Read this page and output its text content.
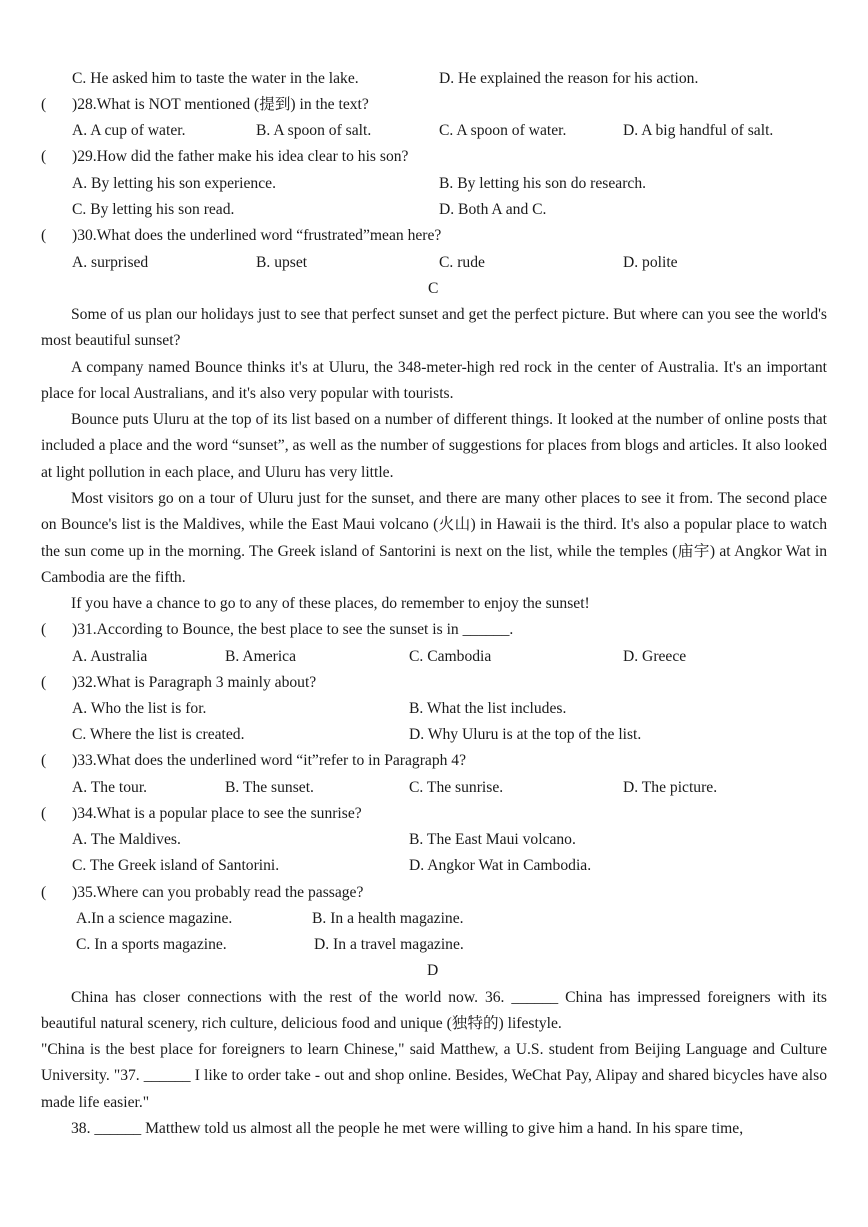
C. He asked him to taste the water in the lake.	D. He explained the reason for his action.
( )28.What is NOT mentioned (提到) in the text?
A. A cup of water.	B. A spoon of salt.	C. A spoon of water.	D. A big handful of salt.
( )29.How did the father make his idea clear to his son?
A. By letting his son experience.	B. By letting his son do research.
C. By letting his son read.	D. Both A and C.
( )30.What does the underlined word “frustrated”mean here?
A. surprised	B. upset	C. rude	D. polite
C
Some of us plan our holidays just to see that perfect sunset and get the perfect picture. But where can you see the world's most beautiful sunset?
A company named Bounce thinks it's at Uluru, the 348-meter-high red rock in the center of Australia. It's an important place for local Australians, and it's also very popular with tourists.
Bounce puts Uluru at the top of its list based on a number of different things. It looked at the number of online posts that included a place and the word “sunset”, as well as the number of suggestions for places from blogs and articles. It also looked at light pollution in each place, and Uluru has very little.
Most visitors go on a tour of Uluru just for the sunset, and there are many other places to see it from. The second place on Bounce's list is the Maldives, while the East Maui volcano (火山) in Hawaii is the third. It's also a popular place to watch the sun come up in the morning. The Greek island of Santorini is next on the list, while the temples (庙宇) at Angkor Wat in Cambodia are the fifth.
If you have a chance to go to any of these places, do remember to enjoy the sunset!
( )31.According to Bounce, the best place to see the sunset is in ______.
A. Australia	B. America	C. Cambodia	D. Greece
( )32.What is Paragraph 3 mainly about?
A. Who the list is for.	B. What the list includes.
C. Where the list is created.	D. Why Uluru is at the top of the list.
( )33.What does the underlined word “it”refer to in Paragraph 4?
A. The tour.	B. The sunset.	C. The sunrise.	D. The picture.
( )34.What is a popular place to see the sunrise?
A. The Maldives.	B. The East Maui volcano.
C. The Greek island of Santorini.	D. Angkor Wat in Cambodia.
( )35.Where can you probably read the passage?
A.In a science magazine.	B. In a health magazine.
C. In a sports magazine.	D. In a travel magazine.
D
China has closer connections with the rest of the world now. 36. ______ China has impressed foreigners with its beautiful natural scenery, rich culture, delicious food and unique (独特的) lifestyle.
"China is the best place for foreigners to learn Chinese," said Matthew, a U.S. student from Beijing Language and Culture University. "37. ______ I like to order take - out and shop online. Besides, WeChat Pay, Alipay and shared bicycles have also made life easier."
38. ______ Matthew told us almost all the people he met were willing to give him a hand. In his spare time,
